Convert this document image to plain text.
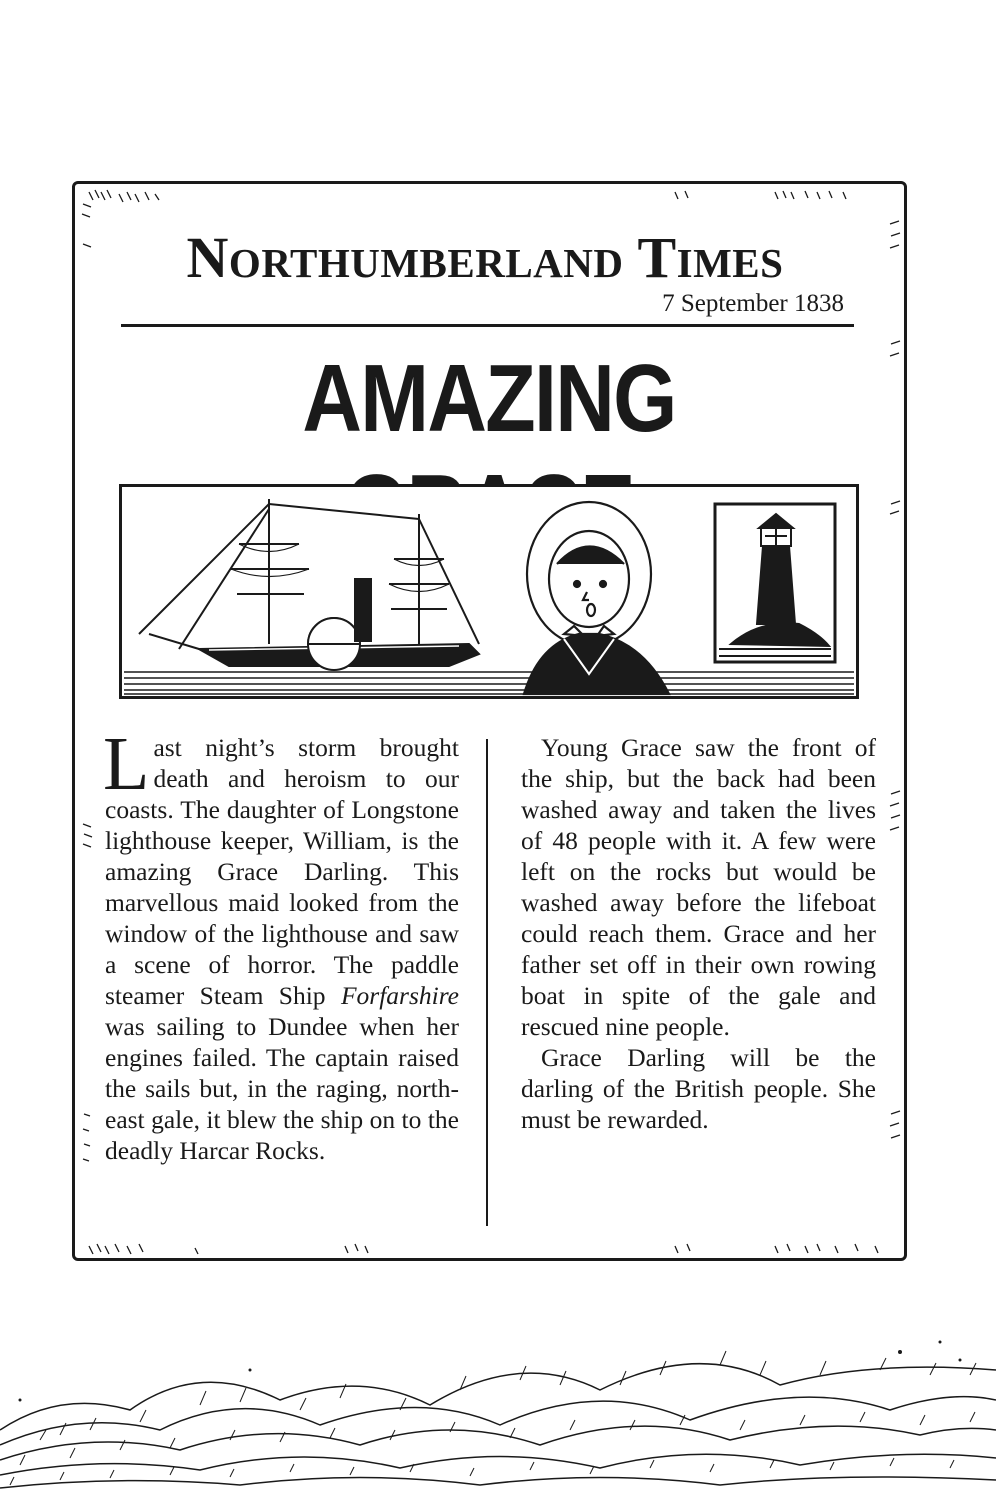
Northumberland Times
7 September 1838
AMAZING

Last night’s storm brought death and heroism to our coasts. The daughter of Longstone lighthouse keeper, William, is the amazing Grace Darling. This marvellous maid looked from the window of the lighthouse and saw a scene of horror. The paddle steamer Steam Ship Forfarshire was sailing to Dundee when her engines failed. The captain raised the sails but, in the raging, north-east gale, it blew the ship on to the deadly Harcar Rocks.

Young Grace saw the front of the ship, but the back had been washed away and taken the lives of 48 people with it. A few were left on the rocks but would be washed away before the lifeboat could reach them. Grace and her father set off in their own rowing boat in spite of the gale and rescued nine people.

Grace Darling will be the darling of the British people. She must be rewarded.
